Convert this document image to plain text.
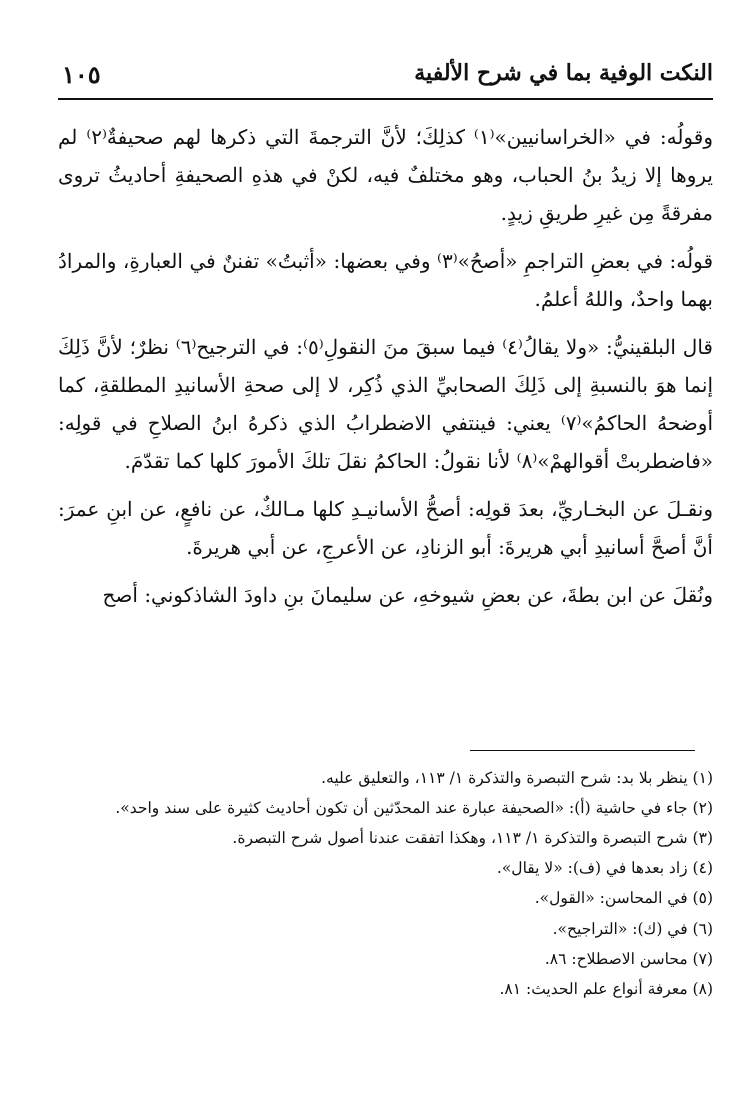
النكت الوفية بما في شرح الألفية
١٠٥

وقولُه: في «الخراسانيين»⁽١⁾ كذلِكَ؛ لأنَّ الترجمةَ التي ذكرها لهم صحيفةٌ⁽٢⁾ لم يروها إلا زيدُ بنُ الحباب، وهو مختلفٌ فيه، لكنْ في هذهِ الصحيفةِ أحاديثُ تروى مفرقةً مِن غيرِ طريقِ زيدٍ.

قولُه: في بعضِ التراجمِ «أصحُ»⁽٣⁾ وفي بعضها: «أثبتُ» تفننٌ في العبارةِ، والمرادُ بهما واحدٌ، واللهُ أعلمُ.

قال البلقينيُّ: «ولا يقالُ⁽٤⁾ فيما سبقَ منَ النقولِ⁽٥⁾: في الترجيح⁽٦⁾ نظرٌ؛ لأنَّ ذَلِكَ إنما هوَ بالنسبةِ إلى ذَلِكَ الصحابيِّ الذي ذُكِر، لا إلى صحةِ الأسانيدِ المطلقةِ، كما أوضحهُ الحاكمُ»⁽٧⁾ يعني: فينتفي الاضطرابُ الذي ذكرهُ ابنُ الصلاحِ في قولِه: «فاضطربتْ أقوالهمْ»⁽٨⁾ لأنا نقولُ: الحاكمُ نقلَ تلكَ الأمورَ كلها كما تقدّمَ.

ونقـلَ عن البخـاريِّ، بعدَ قولِه: أصحُّ الأسانيـدِ كلها مـالكٌ، عن نافعٍ، عن ابنِ عمرَ: أنَّ أصحَّ أسانيدِ أبي هريرةَ: أبو الزنادِ، عن الأعرجِ، عن أبي هريرةَ.

ونُقلَ عن ابن بطةَ، عن بعضِ شيوخهِ، عن سليمانَ بنِ داودَ الشاذكوني: أصح

(١) ينظر بلا بد: شرح التبصرة والتذكرة ١/ ١١٣، والتعليق عليه.

(٢) جاء في حاشية (أ): «الصحيفة عبارة عند المحدّثين أن تكون أحاديث كثيرة على سند واحد».

(٣) شرح التبصرة والتذكرة ١/ ١١٣، وهكذا اتفقت عندنا أصول شرح التبصرة.

(٤) زاد بعدها في (ف): «لا يقال».

(٥) في المحاسن: «القول».

(٦) في (ك): «التراجيح».

(٧) محاسن الاصطلاح: ٨٦.

(٨) معرفة أنواع علم الحديث: ٨١.
